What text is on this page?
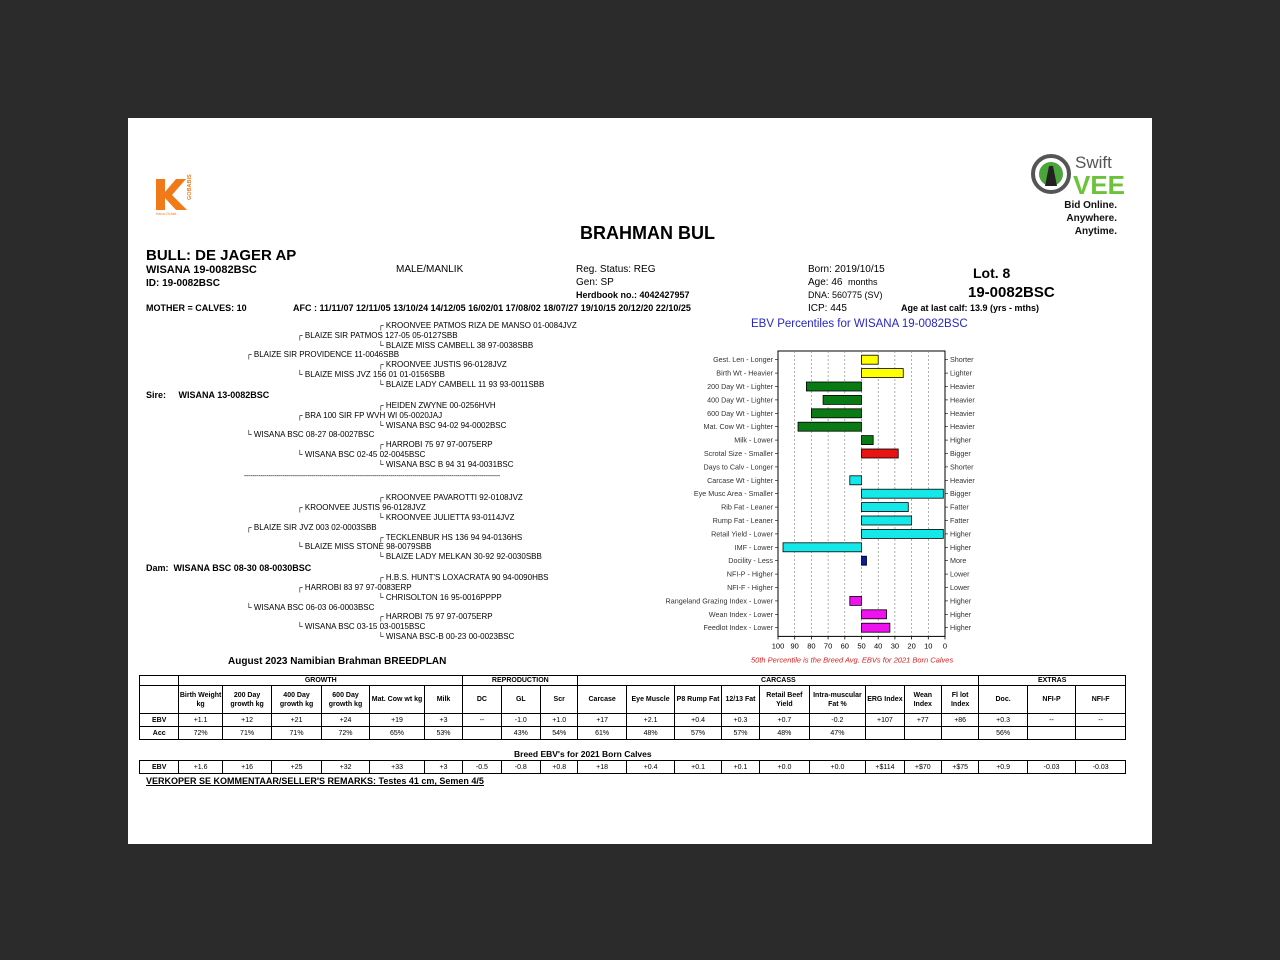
GOBABIS
Karoo Ochse
Swift
VEE
Bid Online.
Anywhere.
Anytime.
BRAHMAN BUL
BULL: DE JAGER AP
WISANA 19-0082BSC
ID: 19-0082BSC
MALE/MANLIK	Reg. Status: REG
Gen: SP
Herdbook no.: 4042427957
Born: 2019/10/15
Age: 46 months
DNA: 560775 (SV)
ICP: 445
Lot. 8
19-0082BSC
MOTHER = CALVES: 10	AFC : 11/11/07 12/11/05 13/10/24 14/12/05 16/02/01 17/08/02 18/07/27 19/10/15 20/12/20 22/10/25	Age at last calf: 13.9 (yrs - mths)
┌ KROONVEE PATMOS RIZA DE MANSO 01-0084JVZ
┌ BLAIZE SIR PATMOS 127-05 05-0127SBB
└ BLAIZE MISS CAMBELL 38 97-0038SBB
┌ BLAIZE SIR PROVIDENCE 11-0046SBB
┌ KROONVEE JUSTIS 96-0128JVZ
└ BLAIZE MISS JVZ 156 01 01-0156SBB
└ BLAIZE LADY CAMBELL 11 93 93-0011SBB
Sire: WISANA 13-0082BSC
┌ HEIDEN ZWYNE 00-0256HVH
┌ BRA 100 SIR FP WVH WI 05-0020JAJ
└ WISANA BSC 94-02 94-0002BSC
└ WISANA BSC 08-27 08-0027BSC
┌ HARROBI 75 97 97-0075ERP
└ WISANA BSC 02-45 02-0045BSC
└ WISANA BSC B 94 31 94-0031BSC
------------------------------------------------------------------------------------------------------------------------------
┌ KROONVEE PAVAROTTI 92-0108JVZ
┌ KROONVEE JUSTIS 96-0128JVZ
└ KROONVEE JULIETTA 93-0114JVZ
┌ BLAIZE SIR JVZ 003 02-0003SBB
┌ TECKLENBUR HS 136 94 94-0136HS
└ BLAIZE MISS STONE 98-0079SBB
└ BLAIZE LADY MELKAN 30-92 92-0030SBB
Dam: WISANA BSC 08-30 08-0030BSC
┌ H.B.S. HUNT'S LOXACRATA 90 94-0090HBS
┌ HARROBI 83 97 97-0083ERP
└ CHRISOLTON 16 95-0016PPPP
└ WISANA BSC 06-03 06-0003BSC
┌ HARROBI 75 97 97-0075ERP
└ WISANA BSC 03-15 03-0015BSC
└ WISANA BSC-B 00-23 00-0023BSC
EBV Percentiles for WISANA 19-0082BSC
100 90 80 70 60 50 40 30 20 10 0
Gest. Len - Longer	Shorter
Birth Wt - Heavier	Lighter
200 Day Wt - Lighter	Heavier
400 Day Wt - Lighter	Heavier
600 Day Wt - Lighter	Heavier
Mat. Cow Wt - Lighter	Heavier
Milk - Lower	Higher
Scrotal Size - Smaller	Bigger
Days to Calv - Longer	Shorter
Carcase Wt - Lighter	Heavier
Eye Musc Area - Smaller	Bigger
Rib Fat - Leaner	Fatter
Rump Fat - Leaner	Fatter
Retail Yield - Lower	Higher
IMF - Lower	Higher
Docility - Less	More
NFI-P - Higher	Lower
NFI-F - Higher	Lower
Rangeland Grazing Index - Lower	Higher
Wean Index - Lower	Higher
Feedlot Index - Lower	Higher
50th Percentile is the Breed Avg. EBVs for 2021 Born Calves
August 2023 Namibian Brahman BREEDPLAN
	GROWTH						REPRODUCTION			CARCASS									EXTRAS		
	Birth Weight kg	200 Day growth kg	400 Day growth kg	600 Day growth kg	Mat. Cow wt kg	Milk	DC	GL	Scr	Carcase	Eye Muscle	P8 Rump Fat	12/13 Fat	Retail Beef Yield	Intra-muscular Fat %	ERG Index	Wean Index	Fl lot Index	Doc.	NFI-P	NFI-F
EBV	+1.1	+12	+21	+24	+19	+3	--	-1.0	+1.0	+17	+2.1	+0.4	+0.3	+0.7	-0.2	+107	+77	+86	+0.3	--	--
Acc	72%	71%	71%	72%	65%	53%		43%	54%	61%	48%	57%	57%	48%	47%				56%		
Breed EBV's for 2021 Born Calves
EBV	+1.6	+16	+25	+32	+33	+3	-0.5	-0.8	+0.8	+18	+0.4	+0.1	+0.1	+0.0	+0.0	+$114	+$70	+$75	+0.9	-0.03	-0.03
VERKOPER SE KOMMENTAAR/SELLER'S REMARKS: Testes 41 cm, Semen 4/5
